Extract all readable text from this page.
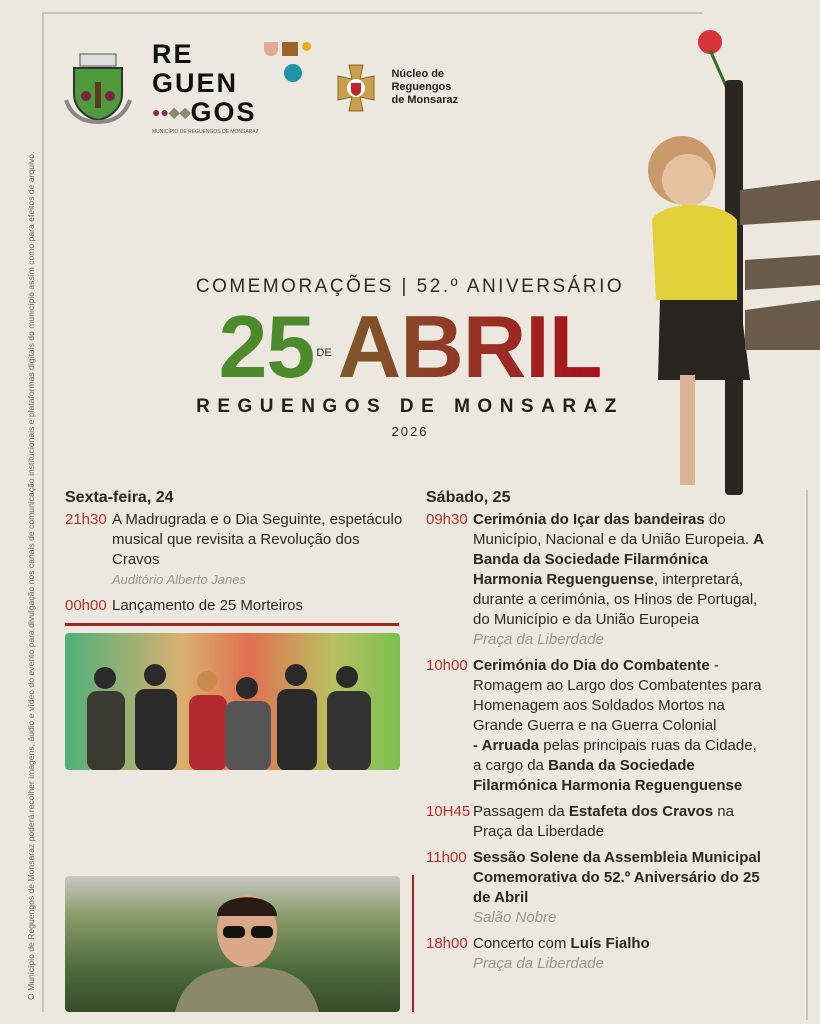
O Município de Reguengos de Monsaraz poderá recolher imagens, áudio e vídeo do evento para divulgação nos canais de comunicação institucionais e plataformas digitais do município assim como para efeitos de arquivo.
RE
GUEN
●● ◆◆ GOS
MUNICÍPIO DE REGUENGOS DE MONSARAZ
Núcleo de
Reguengos
de Monsaraz
COMEMORAÇÕES | 52.º ANIVERSÁRIO
25 DEABRIL
REGUENGOS DE MONSARAZ
2026
Sexta-feira, 24
21h30 A Madrugrada e o Dia Seguinte, espetáculo musical que revisita a Revolução dos Cravos
Auditório Alberto Janes
00h00 Lançamento de 25 Morteiros
Sábado, 25
09h30 Cerimónia do Içar das bandeiras do Município, Nacional e da União Europeia. A Banda da Sociedade Filarmónica Harmonia Reguenguense, interpretará, durante a cerimónia, os Hinos de Portugal, do Município e da União Europeia
Praça da Liberdade
10h00 Cerimónia do Dia do Combatente - Romagem ao Largo dos Combatentes para Homenagem aos Soldados Mortos na Grande Guerra e na Guerra Colonial
- Arruada pelas principais ruas da Cidade, a cargo da Banda da Sociedade Filarmónica Harmonia Reguenguense
10H45 Passagem da Estafeta dos Cravos na Praça da Liberdade
11h00 Sessão Solene da Assembleia Municipal Comemorativa do 52.º Aniversário do 25 de Abril
Salão Nobre
18h00 Concerto com Luís Fialho
Praça da Liberdade
